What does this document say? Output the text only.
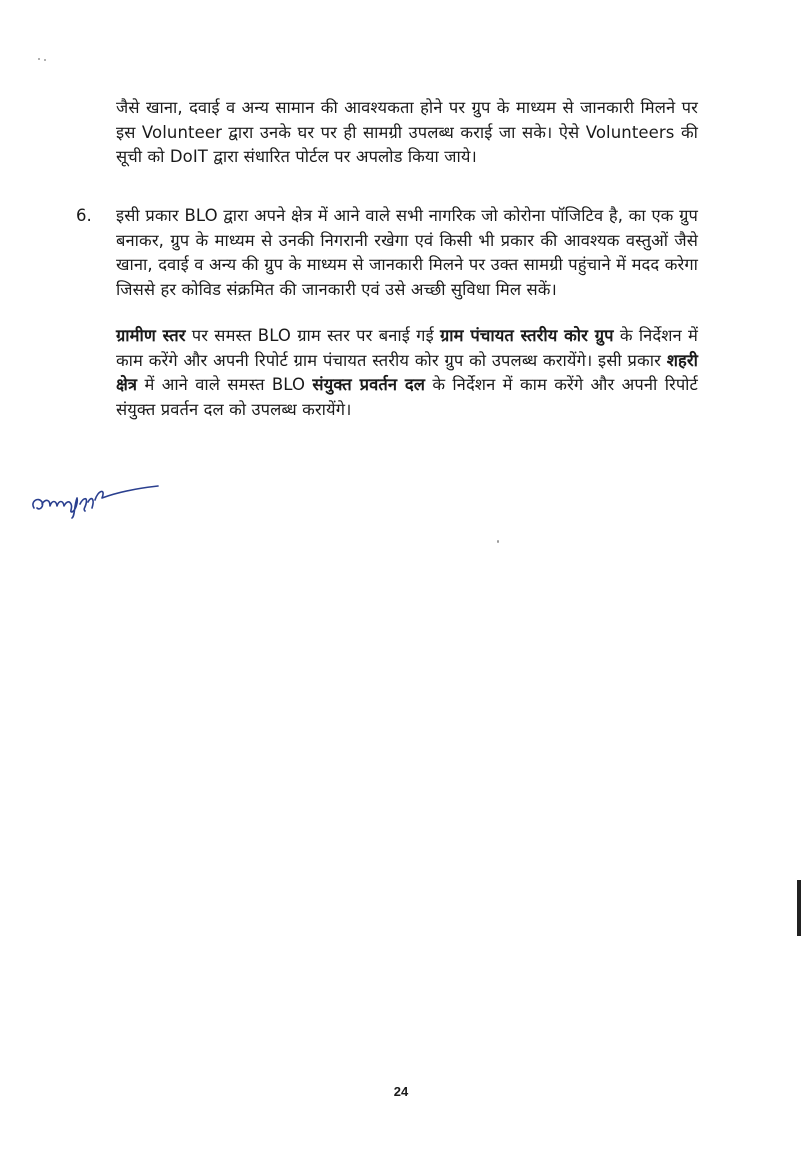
जैसे खाना, दवाई व अन्य सामान की आवश्यकता होने पर ग्रुप के माध्यम से जानकारी मिलने पर इस Volunteer द्वारा उनके घर पर ही सामग्री उपलब्ध कराई जा सके। ऐसे Volunteers की सूची को DoIT द्वारा संधारित पोर्टल पर अपलोड किया जाये।

6. इसी प्रकार BLO द्वारा अपने क्षेत्र में आने वाले सभी नागरिक जो कोरोना पॉजिटिव है, का एक ग्रुप बनाकर, ग्रुप के माध्यम से उनकी निगरानी रखेगा एवं किसी भी प्रकार की आवश्यक वस्तुओं जैसे खाना, दवाई व अन्य की ग्रुप के माध्यम से जानकारी मिलने पर उक्त सामग्री पहुंचाने में मदद करेगा जिससे हर कोविड संक्रमित की जानकारी एवं उसे अच्छी सुविधा मिल सकें।

ग्रामीण स्तर पर समस्त BLO ग्राम स्तर पर बनाई गई ग्राम पंचायत स्तरीय कोर ग्रुप के निर्देशन में काम करेंगे और अपनी रिपोर्ट ग्राम पंचायत स्तरीय कोर ग्रुप को उपलब्ध करायेंगे। इसी प्रकार शहरी क्षेत्र में आने वाले समस्त BLO संयुक्त प्रवर्तन दल के निर्देशन में काम करेंगे और अपनी रिपोर्ट संयुक्त प्रवर्तन दल को उपलब्ध करायेंगे।

24
